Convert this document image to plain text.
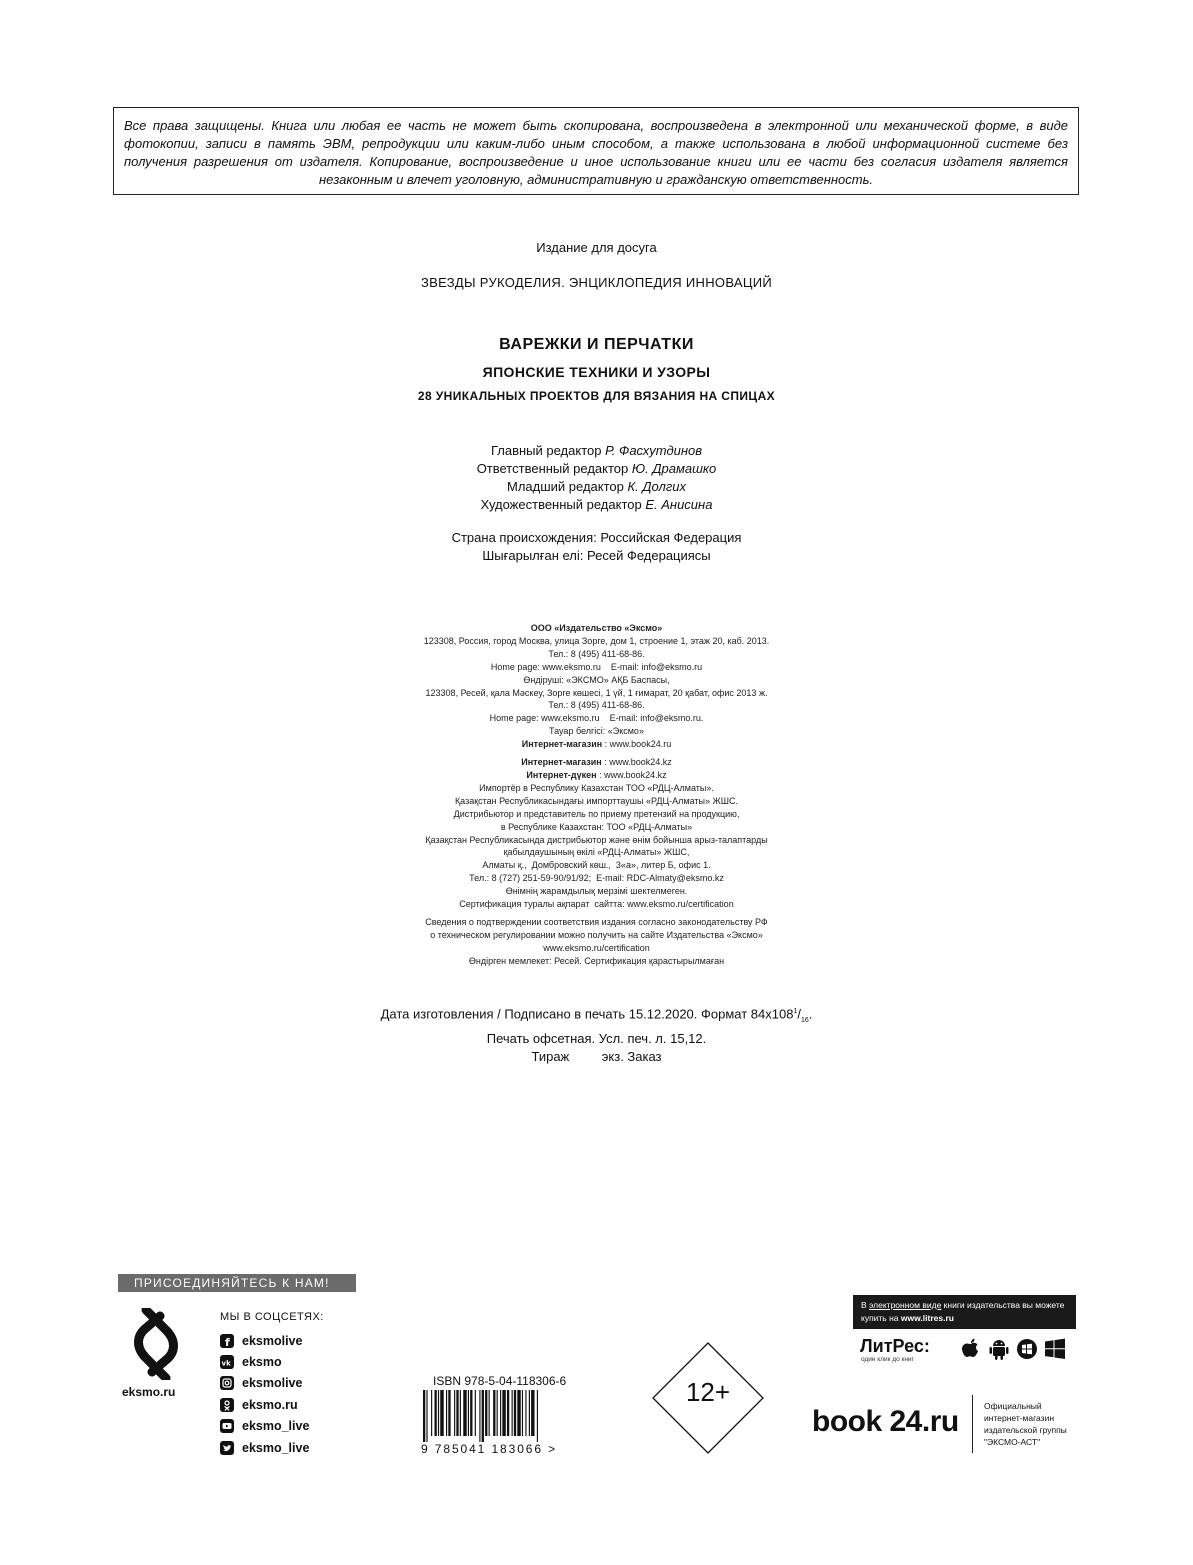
Все права защищены. Книга или любая ее часть не может быть скопирована, воспроизведена в электронной или механической форме, в виде фотокопии, записи в память ЭВМ, репродукции или каким-либо иным способом, а также использована в любой информационной системе без получения разрешения от издателя. Копирование, воспроизведение и иное использование книги или ее части без согласия издателя является незаконным и влечет уголовную, административную и гражданскую ответственность.

Издание для досуга
ЗВЕЗДЫ РУКОДЕЛИЯ. ЭНЦИКЛОПЕДИЯ ИННОВАЦИЙ
ВАРЕЖКИ И ПЕРЧАТКИ
ЯПОНСКИЕ ТЕХНИКИ И УЗОРЫ
28 УНИКАЛЬНЫХ ПРОЕКТОВ ДЛЯ ВЯЗАНИЯ НА СПИЦАХ
Главный редактор Р. Фасхутдинов
Ответственный редактор Ю. Драмашко
Младший редактор К. Долгих
Художественный редактор Е. Анисина
Страна происхождения: Российская Федерация
Шығарылған елі: Ресей Федерациясы
ООО «Издательство «Эксмо»
123308, Россия, город Москва, улица Зорге, дом 1, строение 1, этаж 20, каб. 2013.
Тел.: 8 (495) 411-68-86.
Home page: www.eksmo.ru    E-mail: info@eksmo.ru
Өндіруші: «ЭКСМО» АҚБ Баспасы,
123308, Ресей, қала Мәскеу, Зорге көшесі, 1 үй, 1 ғимарат, 20 қабат, офис 2013 ж.
Тел.: 8 (495) 411-68-86.
Home page: www.eksmo.ru    E-mail: info@eksmo.ru.
Тауар белгісі: «Эксмо»
Интернет-магазин : www.book24.ru
Интернет-магазин : www.book24.kz
Интернет-дүкен : www.book24.kz
Импортёр в Республику Казахстан ТОО «РДЦ-Алматы».
Қазақстан Республикасындағы импорттаушы «РДЦ-Алматы» ЖШС.
Дистрибьютор и представитель по приему претензий на продукцию,
в Республике Казахстан: ТОО «РДЦ-Алматы»
Қазақстан Республикасында дистрибьютор және өнім бойынша арыз-талаптарды
қабылдаушының өкілі «РДЦ-Алматы» ЖШС,
Алматы қ.,  Домбровский көш.,  3«а», литер Б, офис 1.
Тел.: 8 (727) 251-59-90/91/92;  E-mail: RDC-Almaty@eksmo.kz
Өнімнің жарамдылық мерзімі шектелмеген.
Сертификация туралы ақпарат  сайтта: www.eksmo.ru/certification
Сведения о подтверждении соответствия издания согласно законодательству РФ
о техническом регулировании можно получить на сайте Издательства «Эксмо»
www.eksmo.ru/certification
Өндірген мемлекет: Ресей. Сертификация қарастырылмаған
Дата изготовления / Подписано в печать 15.12.2020. Формат $84x108^1/_{16}$.
Печать офсетная. Усл. печ. л. 15,12.
Тираж         экз. Заказ
ПРИСОЕДИНЯЙТЕСЬ К НАМ!
eksmo.ru
МЫ В СОЦСЕТЯХ:
f eksmolive
vk eksmo
eksmolive
eksmo.ru
eksmo_live
eksmo_live
ISBN 978-5-04-118306-6
9 785041 183066 >
12+
В электронном виде книги издательства вы можете
купить на www.litres.ru
ЛитРес:
один клик до книг
book 24.ru	Официальный
интернет-магазин
издательской группы
"ЭКСМО-АСТ"
